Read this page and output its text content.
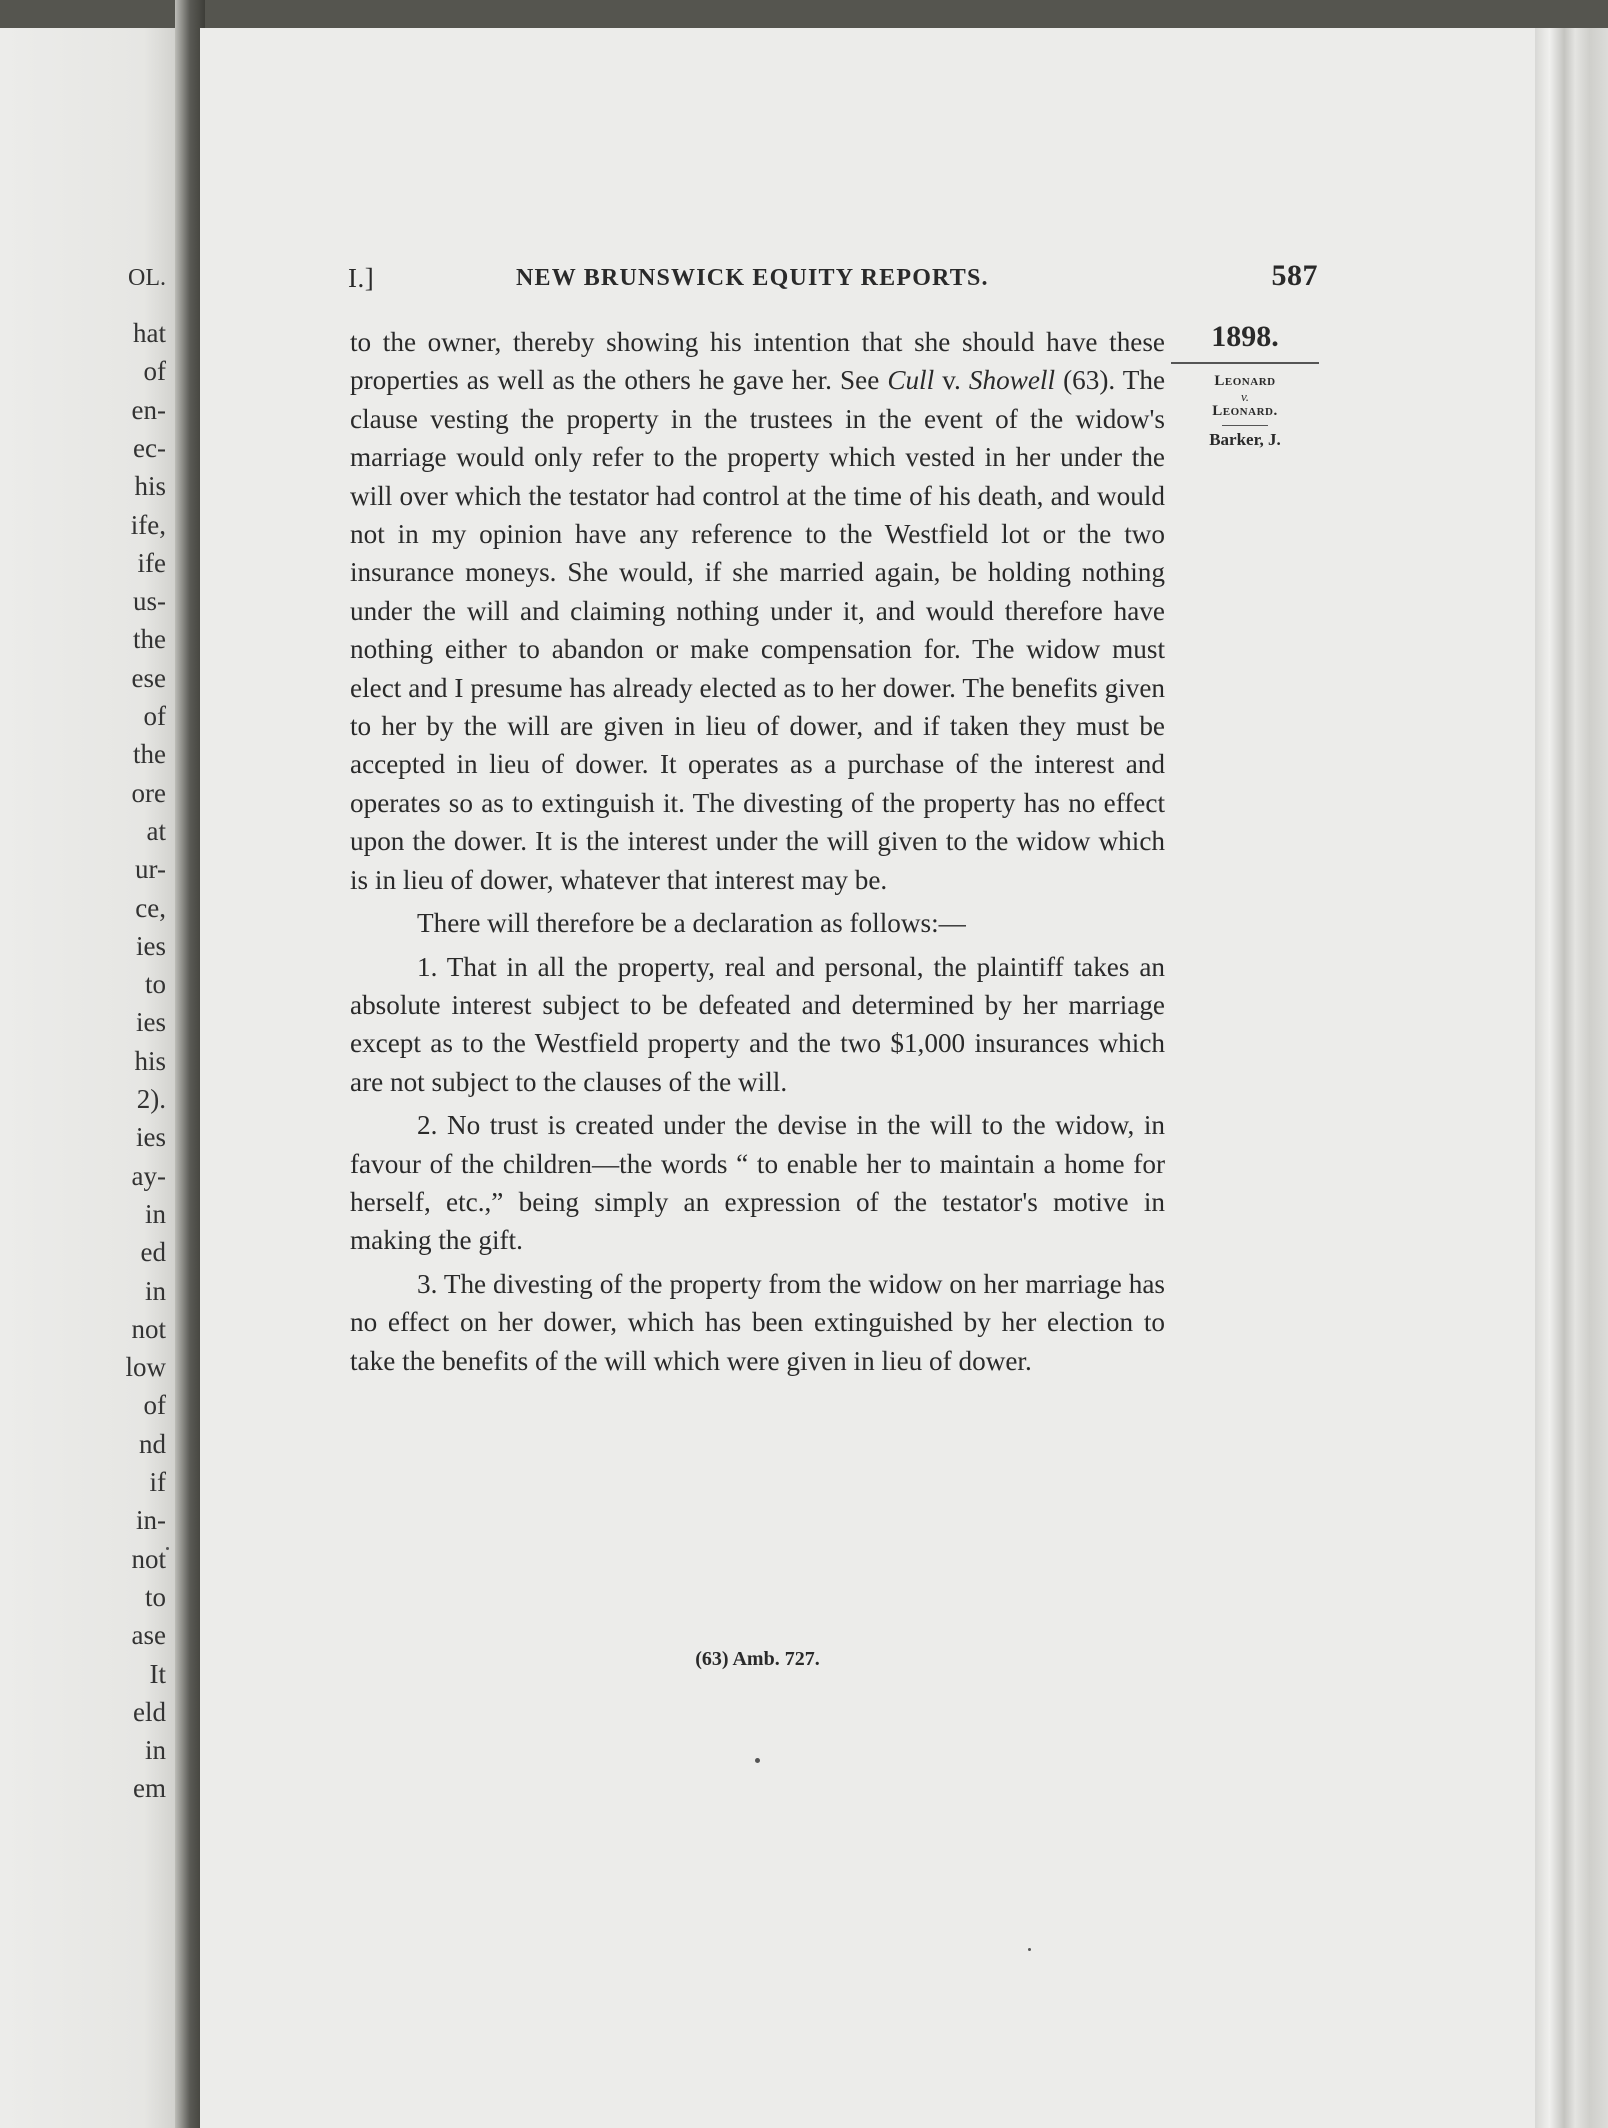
OL.
hat
of
en-
ec-
his
ife,
ife
us-
the
ese
of
the
ore
at
ur-
ce,
ies
to
ies
his
2).
ies
ay-
in
ed
in
not
low
of
nd
if
in-
not
to
ase
It
eld
in
em
I.]	NEW BRUNSWICK EQUITY REPORTS.	587
1898.
Leonard
v.
Leonard.
Barker, J.

to the owner, thereby showing his intention that she should have these properties as well as the others he gave her. See Cull v. Showell (63). The clause vesting the property in the trustees in the event of the widow's marriage would only refer to the property which vested in her under the will over which the testator had control at the time of his death, and would not in my opinion have any reference to the Westfield lot or the two insurance moneys. She would, if she married again, be holding nothing under the will and claiming nothing under it, and would therefore have nothing either to abandon or make compensation for. The widow must elect and I presume has already elected as to her dower. The benefits given to her by the will are given in lieu of dower, and if taken they must be accepted in lieu of dower. It operates as a purchase of the interest and operates so as to extinguish it. The divesting of the property has no effect upon the dower. It is the interest under the will given to the widow which is in lieu of dower, whatever that interest may be.

There will therefore be a declaration as follows:—

1. That in all the property, real and personal, the plaintiff takes an absolute interest subject to be defeated and determined by her marriage except as to the Westfield property and the two $1,000 insurances which are not subject to the clauses of the will.

2. No trust is created under the devise in the will to the widow, in favour of the children—the words “ to enable her to maintain a home for herself, etc.,” being simply an expression of the testator's motive in making the gift.

3. The divesting of the property from the widow on her marriage has no effect on her dower, which has been extinguished by her election to take the benefits of the will which were given in lieu of dower.

(63) Amb. 727.
